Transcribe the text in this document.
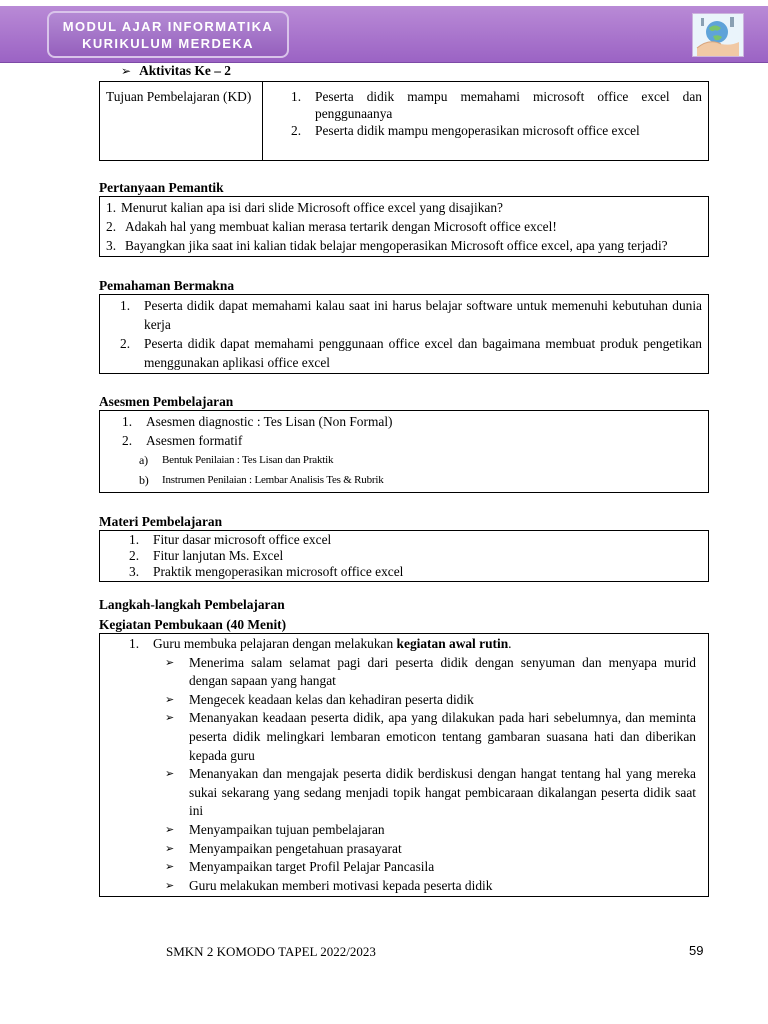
MODUL AJAR INFORMATIKA
KURIKULUM MERDEKA
➢ Aktivitas Ke – 2
Tujuan Pembelajaran (KD)	1.	Peserta didik mampu memahami microsoft office excel dan penggunaanya
2.	Peserta didik mampu mengoperasikan microsoft office excel
Pertanyaan Pemantik
1. Menurut kalian apa isi dari slide Microsoft office excel yang disajikan?
2. Adakah hal yang membuat kalian merasa tertarik dengan Microsoft office excel!
3. Bayangkan jika saat ini kalian tidak belajar mengoperasikan Microsoft office excel, apa yang terjadi?
Pemahaman Bermakna
1.	Peserta didik dapat memahami kalau saat ini harus belajar software untuk memenuhi kebutuhan dunia kerja
2.	Peserta didik dapat memahami penggunaan office excel dan bagaimana membuat produk pengetikan menggunakan aplikasi office excel
Asesmen Pembelajaran
1.	Asesmen diagnostic : Tes Lisan (Non Formal)
2.	Asesmen formatif
a)	Bentuk Penilaian : Tes Lisan dan Praktik
b)	Instrumen Penilaian : Lembar Analisis Tes & Rubrik
Materi Pembelajaran
1.	Fitur dasar microsoft office excel
2.	Fitur lanjutan Ms. Excel
3.	Praktik mengoperasikan microsoft office excel
Langkah-langkah Pembelajaran
Kegiatan Pembukaan (40 Menit)
1.	Guru membuka pelajaran dengan melakukan kegiatan awal rutin.
➢	Menerima salam selamat pagi dari peserta didik dengan senyuman dan menyapa murid dengan sapaan yang hangat
➢	Mengecek keadaan kelas dan kehadiran peserta didik
➢	Menanyakan keadaan peserta didik, apa yang dilakukan pada hari sebelumnya, dan meminta peserta didik melingkari lembaran emoticon tentang gambaran suasana hati dan diberikan kepada guru
➢	Menanyakan dan mengajak peserta didik berdiskusi dengan hangat tentang hal yang mereka sukai sekarang yang sedang menjadi topik hangat pembicaraan dikalangan peserta didik saat ini
➢	Menyampaikan tujuan pembelajaran
➢	Menyampaikan pengetahuan prasayarat
➢	Menyampaikan target Profil Pelajar Pancasila
➢	Guru melakukan memberi motivasi kepada peserta didik
SMKN 2 KOMODO TAPEL 2022/2023	59
